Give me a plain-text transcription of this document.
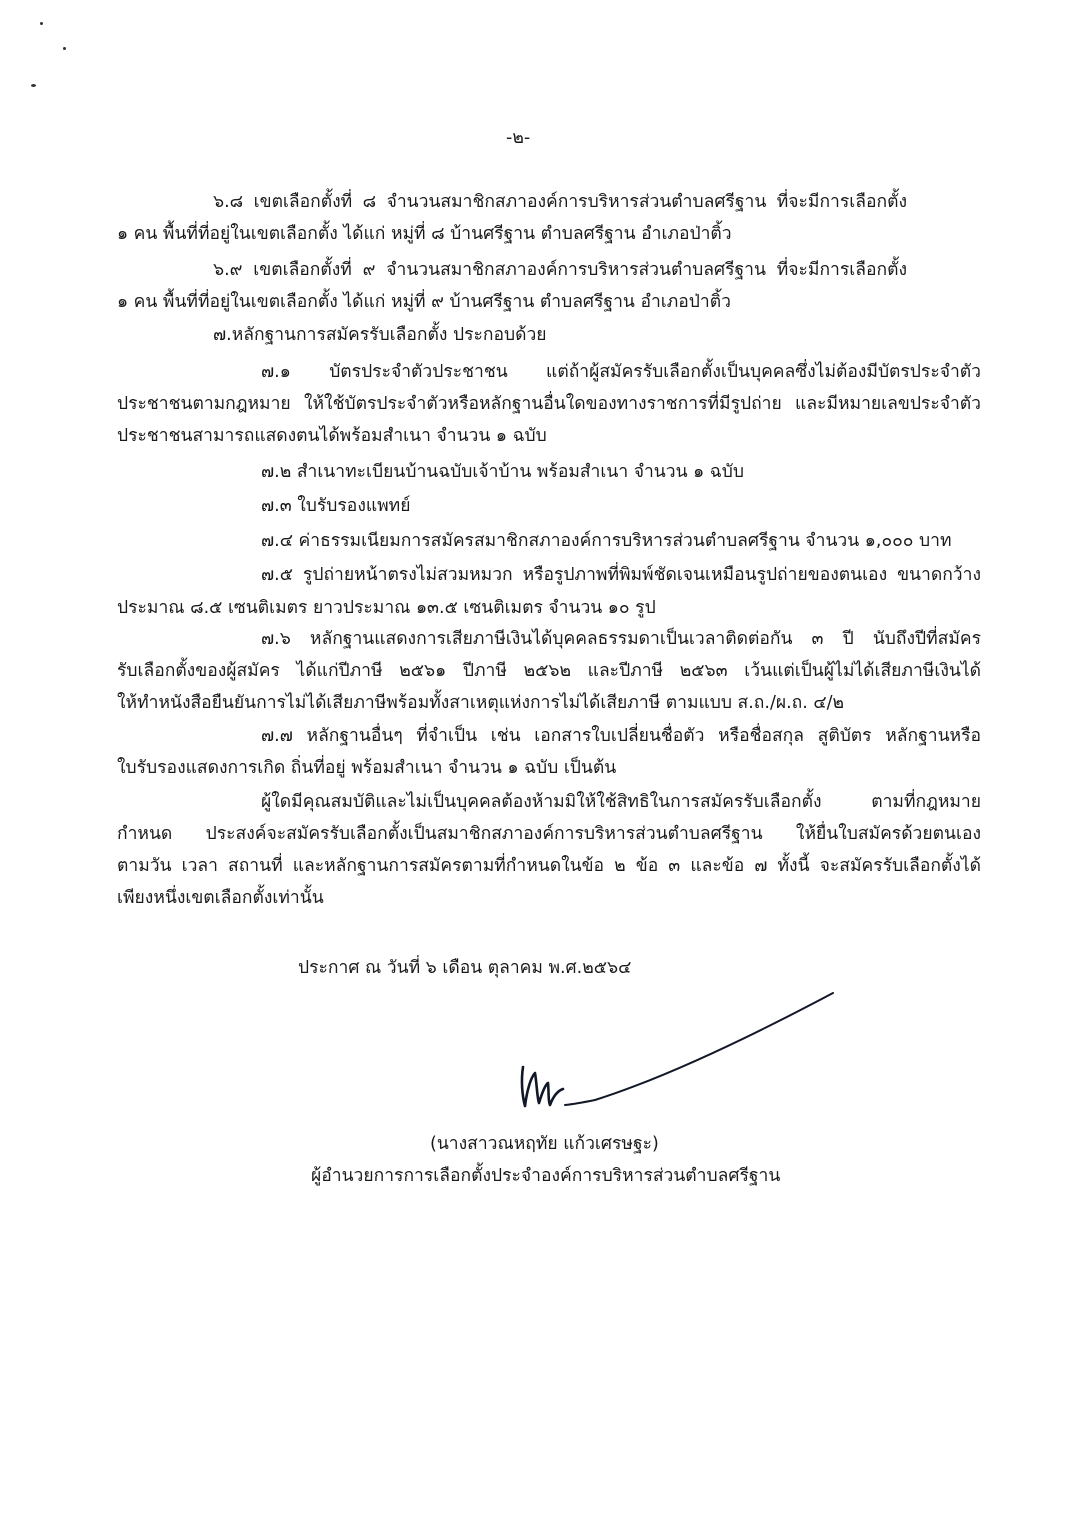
-๒-
๖.๘ เขตเลือกตั้งที่ ๘ จำนวนสมาชิกสภาองค์การบริหารส่วนตำบลศรีฐาน ที่จะมีการเลือกตั้ง
๑ คน พื้นที่ที่อยู่ในเขตเลือกตั้ง ได้แก่ หมู่ที่ ๘ บ้านศรีฐาน ตำบลศรีฐาน อำเภอป่าติ้ว
๖.๙ เขตเลือกตั้งที่ ๙ จำนวนสมาชิกสภาองค์การบริหารส่วนตำบลศรีฐาน ที่จะมีการเลือกตั้ง
๑ คน พื้นที่ที่อยู่ในเขตเลือกตั้ง ได้แก่ หมู่ที่ ๙ บ้านศรีฐาน ตำบลศรีฐาน อำเภอป่าติ้ว
๗.หลักฐานการสมัครรับเลือกตั้ง ประกอบด้วย
๗.๑ บัตรประจำตัวประชาชน แต่ถ้าผู้สมัครรับเลือกตั้งเป็นบุคคลซึ่งไม่ต้องมีบัตรประจำตัว
ประชาชนตามกฎหมาย ให้ใช้บัตรประจำตัวหรือหลักฐานอื่นใดของทางราชการที่มีรูปถ่าย และมีหมายเลขประจำตัว
ประชาชนสามารถแสดงตนได้พร้อมสำเนา จำนวน ๑ ฉบับ
๗.๒ สำเนาทะเบียนบ้านฉบับเจ้าบ้าน พร้อมสำเนา จำนวน ๑ ฉบับ
๗.๓ ใบรับรองแพทย์
๗.๔ ค่าธรรมเนียมการสมัครสมาชิกสภาองค์การบริหารส่วนตำบลศรีฐาน จำนวน ๑,๐๐๐ บาท
๗.๕ รูปถ่ายหน้าตรงไม่สวมหมวก หรือรูปภาพที่พิมพ์ชัดเจนเหมือนรูปถ่ายของตนเอง ขนาดกว้าง
ประมาณ ๘.๕ เซนติเมตร ยาวประมาณ ๑๓.๕ เซนติเมตร จำนวน ๑๐ รูป
๗.๖ หลักฐานแสดงการเสียภาษีเงินได้บุคคลธรรมดาเป็นเวลาติดต่อกัน ๓ ปี นับถึงปีที่สมัคร
รับเลือกตั้งของผู้สมัคร ได้แก่ปีภาษี ๒๕๖๑ ปีภาษี ๒๕๖๒ และปีภาษี ๒๕๖๓ เว้นแต่เป็นผู้ไม่ได้เสียภาษีเงินได้
ให้ทำหนังสือยืนยันการไม่ได้เสียภาษีพร้อมทั้งสาเหตุแห่งการไม่ได้เสียภาษี ตามแบบ ส.ถ./ผ.ถ. ๔/๒
๗.๗ หลักฐานอื่นๆ ที่จำเป็น เช่น เอกสารใบเปลี่ยนชื่อตัว หรือชื่อสกุล สูติบัตร หลักฐานหรือ
ใบรับรองแสดงการเกิด ถิ่นที่อยู่ พร้อมสำเนา จำนวน ๑ ฉบับ เป็นต้น
ผู้ใดมีคุณสมบัติและไม่เป็นบุคคลต้องห้ามมิให้ใช้สิทธิในการสมัครรับเลือกตั้ง ตามที่กฎหมาย
กำหนด ประสงค์จะสมัครรับเลือกตั้งเป็นสมาชิกสภาองค์การบริหารส่วนตำบลศรีฐาน ให้ยื่นใบสมัครด้วยตนเอง
ตามวัน เวลา สถานที่ และหลักฐานการสมัครตามที่กำหนดในข้อ ๒ ข้อ ๓ และข้อ ๗ ทั้งนี้ จะสมัครรับเลือกตั้งได้
เพียงหนึ่งเขตเลือกตั้งเท่านั้น
ประกาศ ณ วันที่ ๖ เดือน ตุลาคม พ.ศ.๒๕๖๔
(นางสาวณหฤทัย แก้วเศรษฐะ)
ผู้อำนวยการการเลือกตั้งประจำองค์การบริหารส่วนตำบลศรีฐาน
